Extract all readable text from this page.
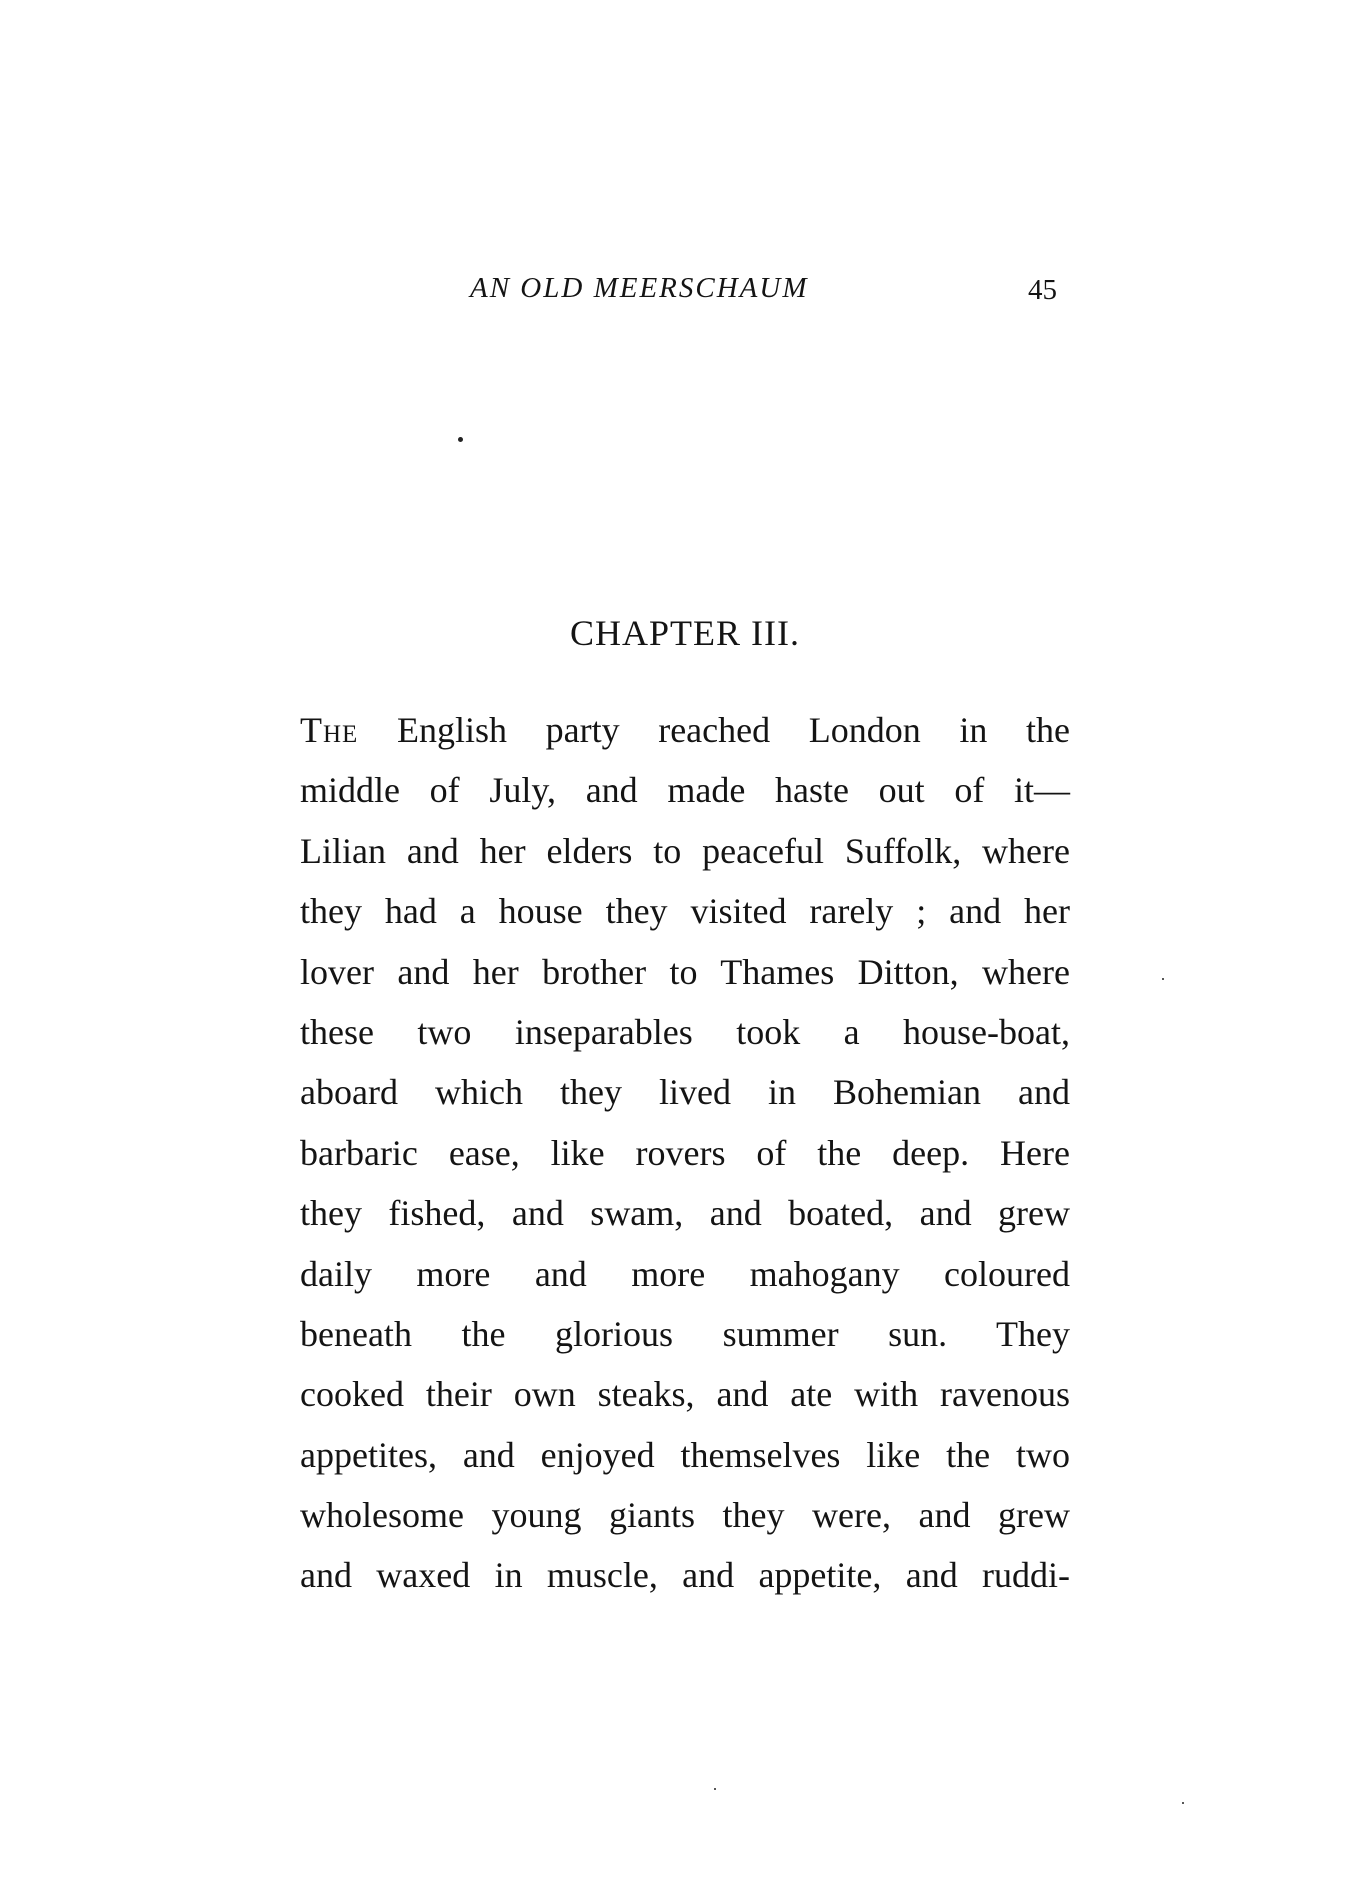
AN OLD MEERSCHAUM	45
CHAPTER III.
The English party reached London in the
middle of July, and made haste out of it—
Lilian and her elders to peaceful Suffolk, where
they had a house they visited rarely ; and her
lover and her brother to Thames Ditton, where
these two inseparables took a house-boat,
aboard which they lived in Bohemian and
barbaric ease, like rovers of the deep. Here
they fished, and swam, and boated, and grew
daily more and more mahogany coloured
beneath the glorious summer sun. They
cooked their own steaks, and ate with ravenous
appetites, and enjoyed themselves like the two
wholesome young giants they were, and grew
and waxed in muscle, and appetite, and ruddi-
